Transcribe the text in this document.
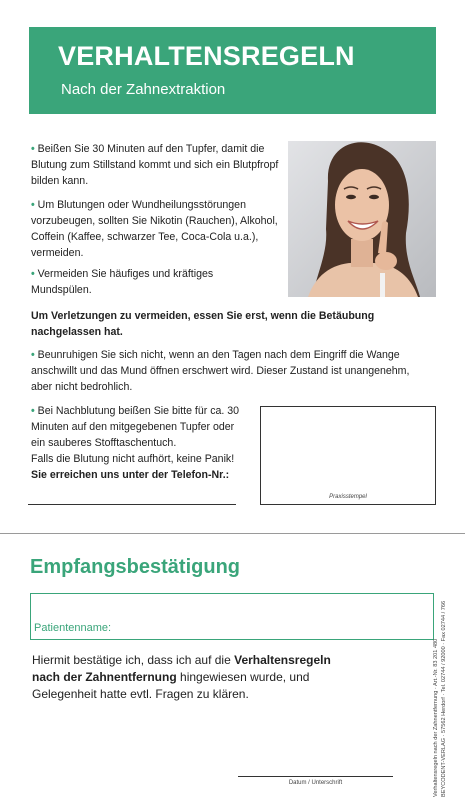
VERHALTENSREGELN
Nach der Zahnextraktion
• Beißen Sie 30 Minuten auf den Tupfer, damit die Blutung zum Stillstand kommt und sich ein Blutpfropf bilden kann.
• Um Blutungen oder Wundheilungsstörungen vorzubeugen, sollten Sie Nikotin (Rauchen), Alkohol, Coffein (Kaffee, schwarzer Tee, Coca-Cola u.a.), vermeiden.
• Vermeiden Sie häufiges und kräftiges Mundspülen.
Um Verletzungen zu vermeiden, essen Sie erst, wenn die Betäubung nachgelassen hat.
• Beunruhigen Sie sich nicht, wenn an den Tagen nach dem Eingriff die Wange anschwillt und das Mund öffnen erschwert wird. Dieser Zustand ist unangenehm, aber nicht bedrohlich.
• Bei Nachblutung beißen Sie bitte für ca. 30 Minuten auf den mitgegebenen Tupfer oder ein sauberes Stofftaschentuch.
Falls die Blutung nicht aufhört, keine Panik!
Sie erreichen uns unter der Telefon-Nr.:
Praxisstempel
Empfangsbestätigung
Patientenname:
Hiermit bestätige ich, dass ich auf die Verhaltensregeln nach der Zahnentfernung hingewiesen wurde, und Gelegenheit hatte evtl. Fragen zu klären.
Datum / Unterschrift	Verhaltensregeln nach der Zahnentfernung · Art.-Nr. 83 201 480 BEYCODENT-VERLAG · 57562 Herdorf · Tel. 02744 / 92000 · Fax 02744 / 766
